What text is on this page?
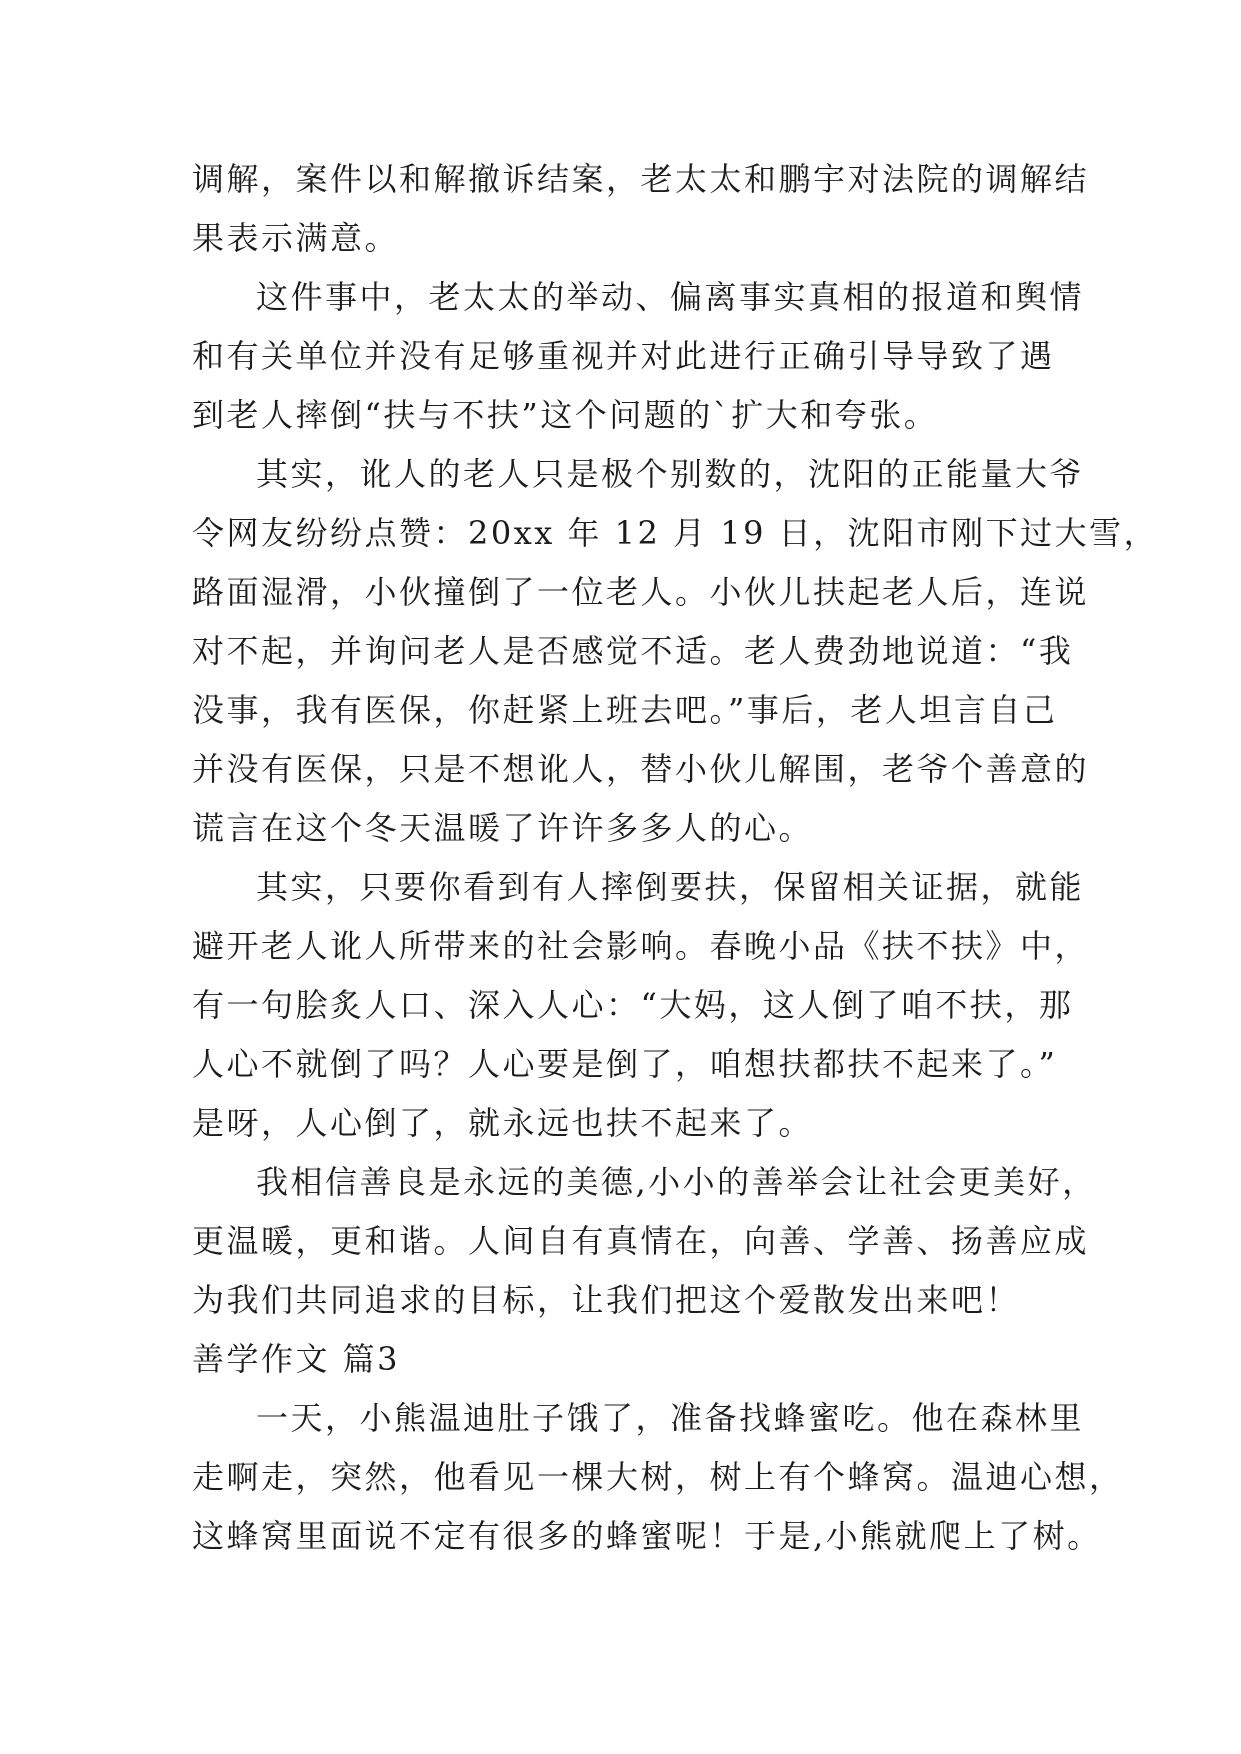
调解，案件以和解撤诉结案，老太太和鹏宇对法院的调解结
果表示满意。

这件事中，老太太的举动、偏离事实真相的报道和舆情
和有关单位并没有足够重视并对此进行正确引导导致了遇
到老人摔倒“扶与不扶”这个问题的`扩大和夸张。

其实，讹人的老人只是极个别数的，沈阳的正能量大爷
令网友纷纷点赞：20xx 年 12 月 19 日，沈阳市刚下过大雪，
路面湿滑，小伙撞倒了一位老人。小伙儿扶起老人后，连说
对不起，并询问老人是否感觉不适。老人费劲地说道：“我
没事，我有医保，你赶紧上班去吧。”事后，老人坦言自己
并没有医保，只是不想讹人，替小伙儿解围，老爷个善意的
谎言在这个冬天温暖了许许多多人的心。

其实，只要你看到有人摔倒要扶，保留相关证据，就能
避开老人讹人所带来的社会影响。春晚小品《扶不扶》中，
有一句脍炙人口、深入人心：“大妈，这人倒了咱不扶，那
人心不就倒了吗？人心要是倒了，咱想扶都扶不起来了。”
是呀，人心倒了，就永远也扶不起来了。

我相信善良是永远的美德,小小的善举会让社会更美好，
更温暖，更和谐。人间自有真情在，向善、学善、扬善应成
为我们共同追求的目标，让我们把这个爱散发出来吧！

善学作文 篇3

一天，小熊温迪肚子饿了，准备找蜂蜜吃。他在森林里
走啊走，突然，他看见一棵大树，树上有个蜂窝。温迪心想，
这蜂窝里面说不定有很多的蜂蜜呢！于是,小熊就爬上了树。
